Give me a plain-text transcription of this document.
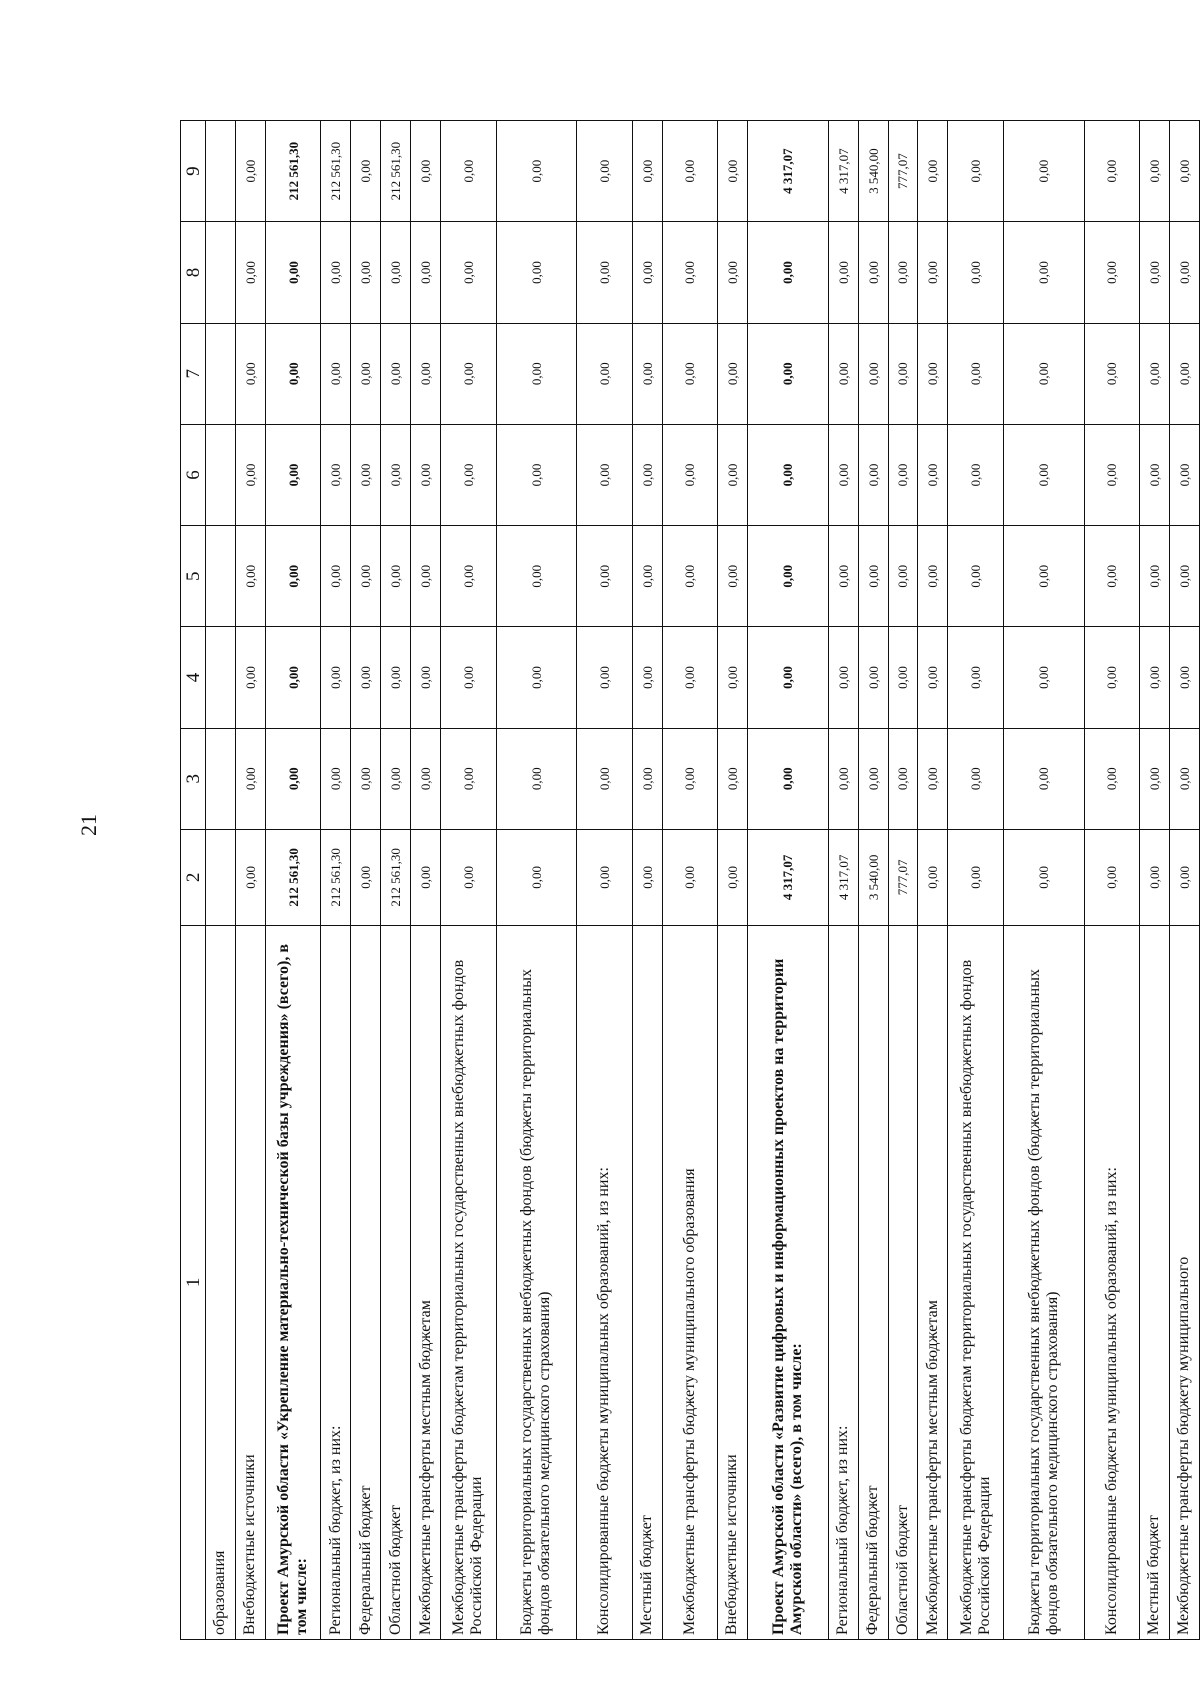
21
1	2	3	4	5	6	7	8	9
образования								
Внебюджетные источники	0,00	0,00	0,00	0,00	0,00	0,00	0,00	0,00
Проект Амурской области «Укрепление материально-технической базы учреждения» (всего), в том числе:	212 561,30	0,00	0,00	0,00	0,00	0,00	0,00	212 561,30
Региональный бюджет, из них:	212 561,30	0,00	0,00	0,00	0,00	0,00	0,00	212 561,30
Федеральный бюджет	0,00	0,00	0,00	0,00	0,00	0,00	0,00	0,00
Областной бюджет	212 561,30	0,00	0,00	0,00	0,00	0,00	0,00	212 561,30
Межбюджетные трансферты местным бюджетам	0,00	0,00	0,00	0,00	0,00	0,00	0,00	0,00
Межбюджетные трансферты бюджетам территориальных государственных внебюджетных фондов Российской Федерации	0,00	0,00	0,00	0,00	0,00	0,00	0,00	0,00
Бюджеты территориальных государственных внебюджетных фондов (бюджеты территориальных фондов обязательного медицинского страхования)	0,00	0,00	0,00	0,00	0,00	0,00	0,00	0,00
Консолидированные бюджеты муниципальных образований, из них:	0,00	0,00	0,00	0,00	0,00	0,00	0,00	0,00
Местный бюджет	0,00	0,00	0,00	0,00	0,00	0,00	0,00	0,00
Межбюджетные трансферты бюджету муниципального образования	0,00	0,00	0,00	0,00	0,00	0,00	0,00	0,00
Внебюджетные источники	0,00	0,00	0,00	0,00	0,00	0,00	0,00	0,00
Проект Амурской области «Развитие цифровых и информационных проектов на территории Амурской области» (всего), в том числе:	4 317,07	0,00	0,00	0,00	0,00	0,00	0,00	4 317,07
Региональный бюджет, из них:	4 317,07	0,00	0,00	0,00	0,00	0,00	0,00	4 317,07
Федеральный бюджет	3 540,00	0,00	0,00	0,00	0,00	0,00	0,00	3 540,00
Областной бюджет	777,07	0,00	0,00	0,00	0,00	0,00	0,00	777,07
Межбюджетные трансферты местным бюджетам	0,00	0,00	0,00	0,00	0,00	0,00	0,00	0,00
Межбюджетные трансферты бюджетам территориальных государственных внебюджетных фондов Российской Федерации	0,00	0,00	0,00	0,00	0,00	0,00	0,00	0,00
Бюджеты территориальных государственных внебюджетных фондов (бюджеты территориальных фондов обязательного медицинского страхования)	0,00	0,00	0,00	0,00	0,00	0,00	0,00	0,00
Консолидированные бюджеты муниципальных образований, из них:	0,00	0,00	0,00	0,00	0,00	0,00	0,00	0,00
Местный бюджет	0,00	0,00	0,00	0,00	0,00	0,00	0,00	0,00
Межбюджетные трансферты бюджету муниципального	0,00	0,00	0,00	0,00	0,00	0,00	0,00	0,00
